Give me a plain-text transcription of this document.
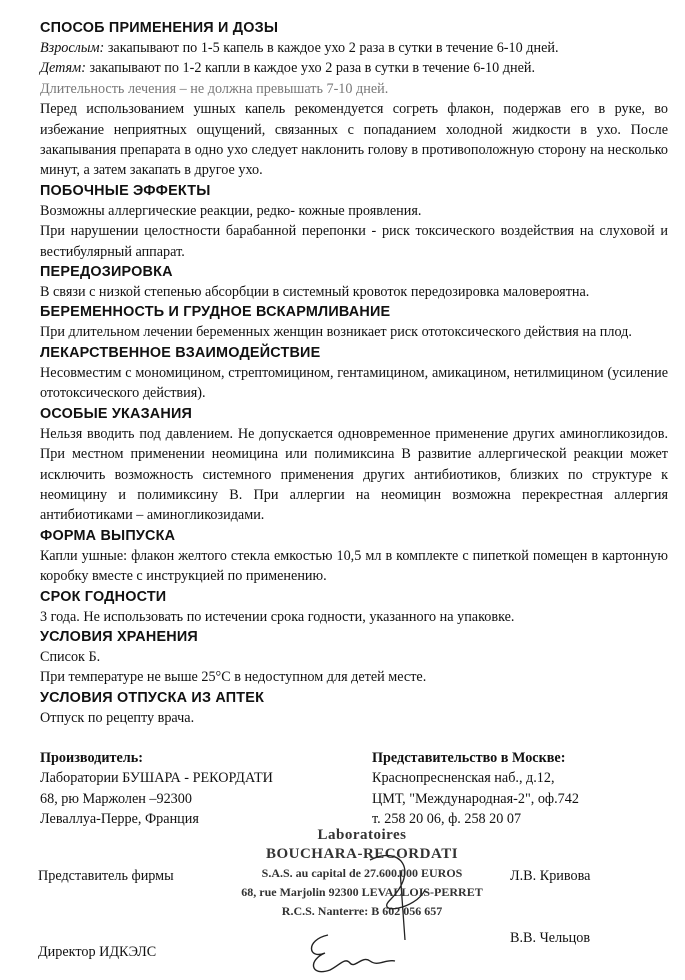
СПОСОБ ПРИМЕНЕНИЯ И ДОЗЫ

Взрослым: закапывают по 1-5 капель в каждое ухо 2 раза в сутки в течение 6-10 дней.

Детям: закапывают по 1-2 капли в каждое ухо 2 раза в сутки в течение 6-10 дней.

Длительность лечения – не должна превышать 7-10 дней.

Перед использованием ушных капель рекомендуется согреть флакон, подержав его в руке, во избежание неприятных ощущений, связанных с попаданием холодной жидкости в ухо. После закапывания препарата в одно ухо следует наклонить голову в противоположную сторону на несколько минут, а затем закапать в другое ухо.

ПОБОЧНЫЕ ЭФФЕКТЫ

Возможны аллергические реакции, редко- кожные проявления.

При нарушении целостности барабанной перепонки - риск токсического воздействия на слуховой и вестибулярный аппарат.

ПЕРЕДОЗИРОВКА

В связи с низкой степенью абсорбции в системный кровоток передозировка маловероятна.

БЕРЕМЕННОСТЬ И ГРУДНОЕ ВСКАРМЛИВАНИЕ

При длительном лечении беременных женщин возникает риск ототоксического действия на плод.

ЛЕКАРСТВЕННОЕ ВЗАИМОДЕЙСТВИЕ

Несовместим с мономицином, стрептомицином, гентамицином, амикацином, нетилмицином (усиление ототоксического действия).

ОСОБЫЕ УКАЗАНИЯ

Нельзя вводить под давлением. Не допускается одновременное применение других аминогликозидов. При местном применении неомицина или полимиксина В развитие аллергической реакции может исключить возможность системного применения других антибиотиков, близких по структуре к неомицину и полимиксину В. При аллергии на неомицин возможна перекрестная аллергия антибиотиками – аминогликозидами.

ФОРМА ВЫПУСКА

Капли ушные: флакон желтого стекла емкостью 10,5 мл в комплекте с пипеткой помещен в картонную коробку вместе с инструкцией по применению.

СРОК ГОДНОСТИ

3 года. Не использовать по истечении срока годности, указанного на упаковке.

УСЛОВИЯ ХРАНЕНИЯ

Список Б.

При температуре не выше 25°С в недоступном для детей месте.

УСЛОВИЯ ОТПУСКА ИЗ АПТЕК

Отпуск по рецепту врача.

Производитель:
Лаборатории БУШАРА - РЕКОРДАТИ
68, рю Маржолен –92300
Леваллуа-Перре, Франция
Представительство в Москве:
Краснопресненская наб., д.12,
ЦМТ, "Международная-2", оф.742
т. 258 20 06, ф. 258 20 07
Laboratoires
BOUCHARA-RECORDATI
S.A.S. au capital de 27.600.000 EUROS
68, rue Marjolin 92300 LEVALLOIS-PERRET
R.C.S. Nanterre: B 602 056 657
Представитель фирмы	Л.В. Кривова
В.В. Чельцов
Директор ИДКЭЛС
